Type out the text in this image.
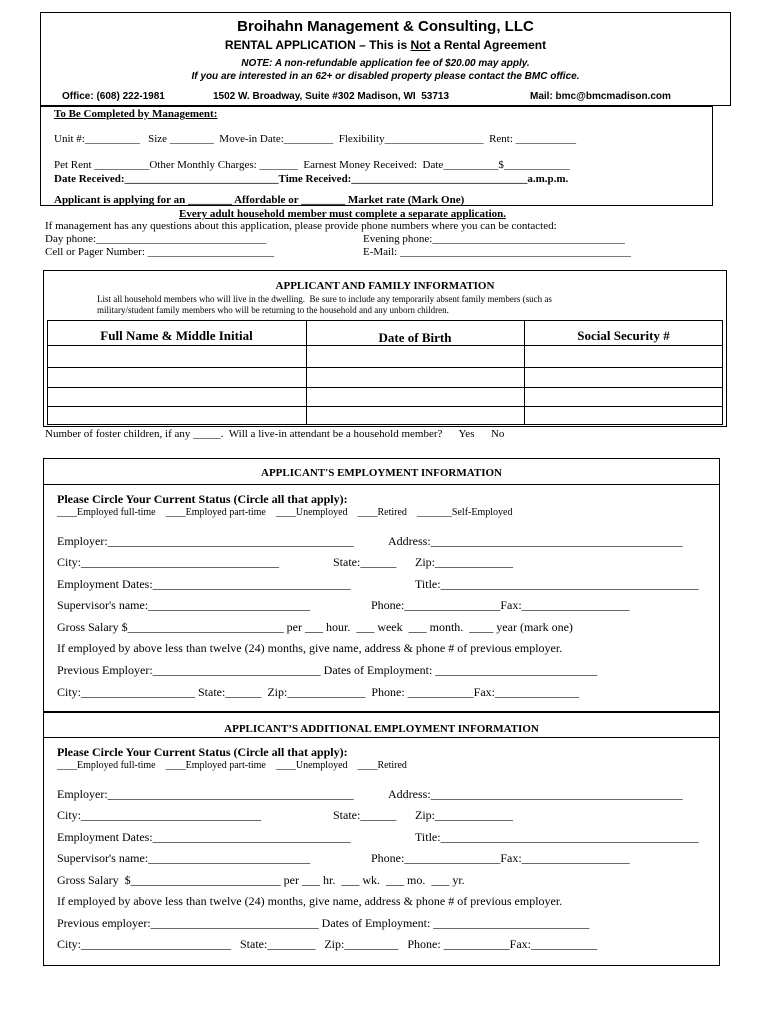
Broihahn Management & Consulting, LLC
RENTAL APPLICATION – This is Not a Rental Agreement
NOTE: A non-refundable application fee of $20.00 may apply.
If you are interested in an 62+ or disabled property please contact the BMC office.
Office: (608) 222-1981	1502 W. Broadway, Suite #302 Madison, WI  53713	Mail: bmc@bmcmadison.com
To Be Completed by Management:
Unit #:__________   Size ________  Move-in Date:_________  Flexibility__________________  Rent: ___________
Pet Rent __________Other Monthly Charges: _______  Earnest Money Received:  Date__________$____________
Date Received:____________________________Time Received:________________________________a.m.p.m.
Applicant is applying for an ________ Affordable or ________ Market rate (Mark One)
Every adult household member must complete a separate application.
If management has any questions about this application, please provide phone numbers where you can be contacted:
Day phone:_______________________________	Evening phone:___________________________________
Cell or Pager Number: _______________________	E-Mail: __________________________________________
APPLICANT AND FAMILY INFORMATION
List all household members who will live in the dwelling.  Be sure to include any temporarily absent family members (such as
military/student family members who will be returning to the household and any unborn children.
Full Name & Middle Initial	Date of Birth	Social Security #
Number of foster children, if any _____.  Will a live-in attendant be a household member?      Yes      No
APPLICANT'S EMPLOYMENT INFORMATION
Please Circle Your Current Status (Circle all that apply):
____Employed full-time    ____Employed part-time    ____Unemployed    ____Retired    _______Self-Employed
Employer:_________________________________________	Address:__________________________________________
City:_________________________________	State:______ Zip:_____________
Employment Dates:_________________________________	Title:___________________________________________
Supervisor's name:___________________________	Phone:________________Fax:__________________
Gross Salary $__________________________ per ___ hour.  ___ week  ___ month.  ____ year (mark one)
If employed by above less than twelve (24) months, give name, address & phone # of previous employer.
Previous Employer:____________________________ Dates of Employment: ___________________________
City:___________________ State:______  Zip:_____________  Phone: ___________Fax:______________
APPLICANT’S ADDITIONAL EMPLOYMENT INFORMATION
Please Circle Your Current Status (Circle all that apply):
____Employed full-time    ____Employed part-time    ____Unemployed    ____Retired
Employer:_________________________________________	Address:__________________________________________
City:______________________________	State:______ Zip:_____________
Employment Dates:_________________________________	Title:___________________________________________
Supervisor's name:___________________________	Phone:________________Fax:__________________
Gross Salary  $_________________________ per ___ hr.  ___ wk.  ___ mo.  ___ yr.
If employed by above less than twelve (24) months, give name, address & phone # of previous employer.
Previous employer:____________________________ Dates of Employment: __________________________
City:_________________________   State:________   Zip:_________   Phone: ___________Fax:___________
